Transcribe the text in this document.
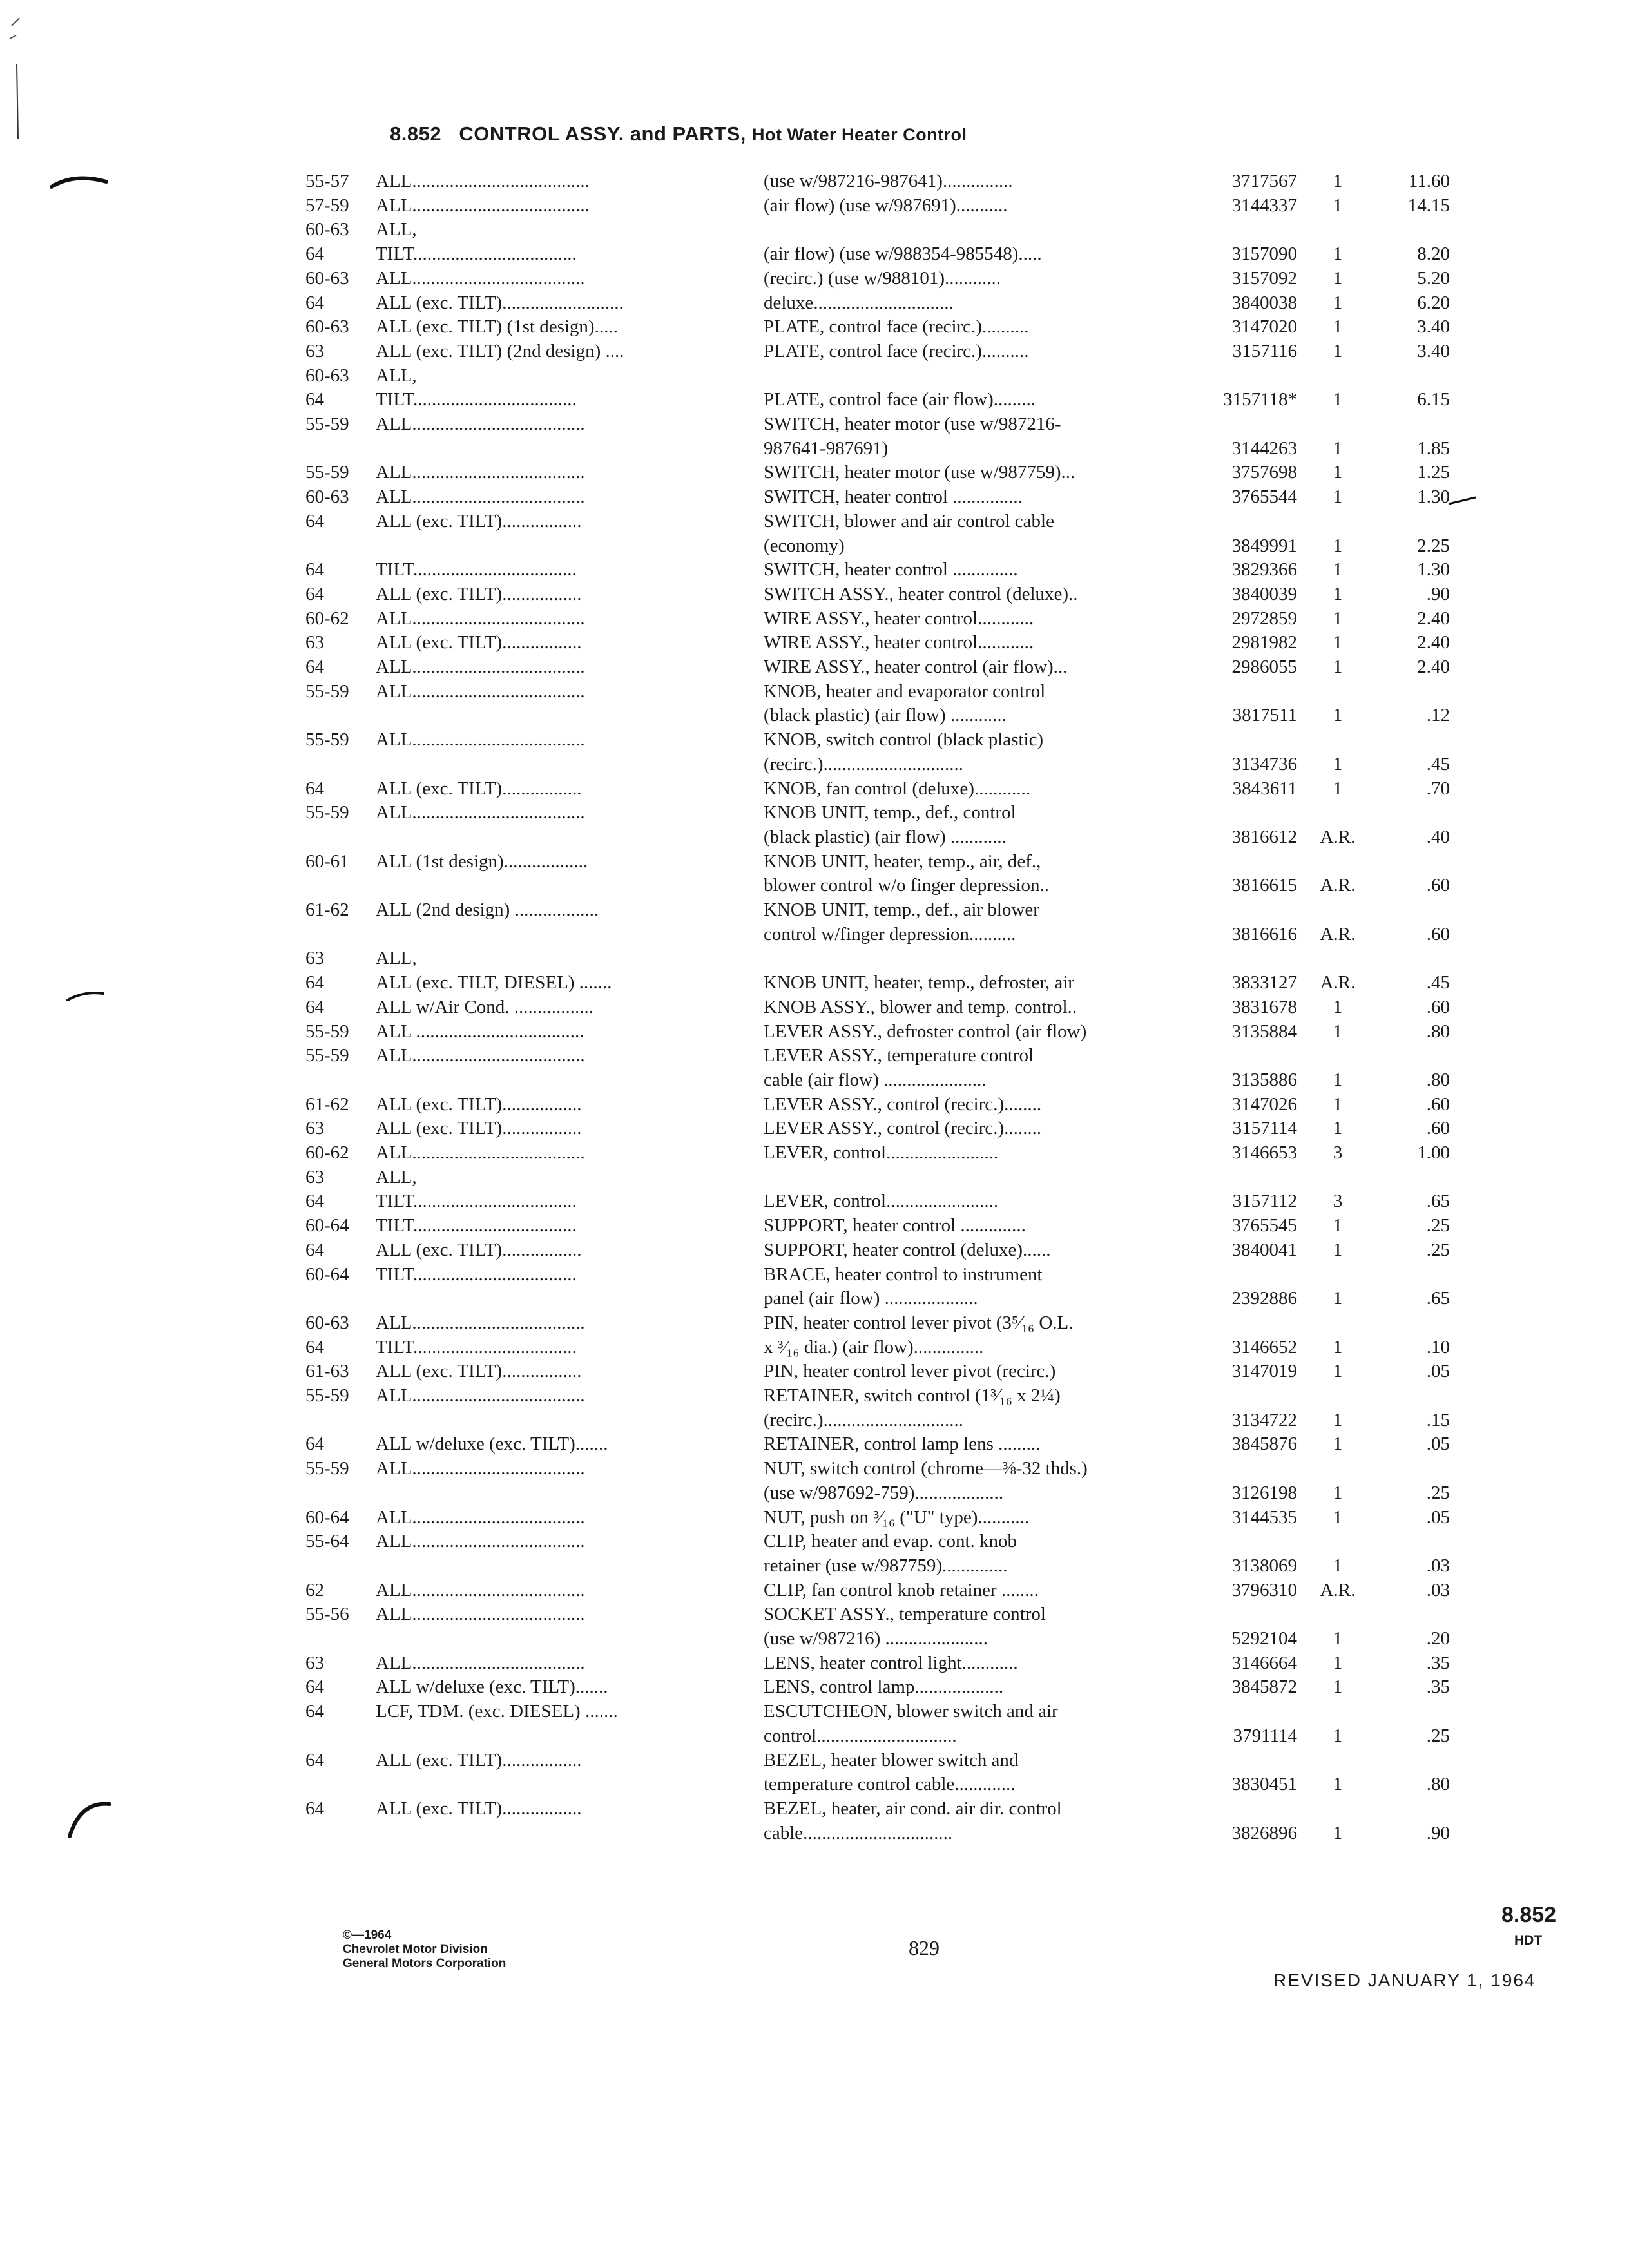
8.852 CONTROL ASSY. and PARTS, Hot Water Heater Control
55-57 ALL......................................	(use w/987216-987641)...............	3717567	1	11.60
57-59 ALL......................................	(air flow) (use w/987691)...........	3144337	1	14.15
60-63 ALL,
64	TILT...................................	(air flow) (use w/988354-985548).....	3157090	1	8.20
60-63 ALL.....................................	(recirc.) (use w/988101)............	3157092	1	5.20
64	ALL (exc. TILT)..........................	deluxe..............................	3840038	1	6.20
60-63 ALL (exc. TILT) (1st design).....	PLATE, control face (recirc.)..........	3147020	1	3.40
63	ALL (exc. TILT) (2nd design) ....	PLATE, control face (recirc.)..........	3157116	1	3.40
60-63 ALL,
64	TILT...................................	PLATE, control face (air flow).........	3157118*	1	6.15
55-59 ALL.....................................	SWITCH, heater motor (use w/987216-
987641-987691)	3144263	1	1.85
55-59 ALL.....................................	SWITCH, heater motor (use w/987759)...	3757698	1	1.25
60-63 ALL.....................................	SWITCH, heater control ...............	3765544	1	1.30
64	ALL (exc. TILT).................	SWITCH, blower and air control cable
(economy)	3849991	1	2.25
64	TILT...................................	SWITCH, heater control ..............	3829366	1	1.30
64	ALL (exc. TILT).................	SWITCH ASSY., heater control (deluxe)..	3840039	1	.90
60-62 ALL.....................................	WIRE ASSY., heater control............	2972859	1	2.40
63	ALL (exc. TILT).................	WIRE ASSY., heater control............	2981982	1	2.40
64	ALL.....................................	WIRE ASSY., heater control (air flow)...	2986055	1	2.40
55-59 ALL.....................................	KNOB, heater and evaporator control
(black plastic) (air flow) ............	3817511	1	.12
55-59 ALL.....................................	KNOB, switch control (black plastic)
(recirc.)..............................	3134736	1	.45
64	ALL (exc. TILT).................	KNOB, fan control (deluxe)............	3843611	1	.70
55-59 ALL.....................................	KNOB UNIT, temp., def., control
(black plastic) (air flow) ............	3816612	A.R.	.40
60-61 ALL (1st design)..................	KNOB UNIT, heater, temp., air, def.,
blower control w/o finger depression..	3816615	A.R.	.60
61-62 ALL (2nd design) ..................	KNOB UNIT, temp., def., air blower
control w/finger depression..........	3816616	A.R.	.60
63	ALL,
64	ALL (exc. TILT, DIESEL) .......	KNOB UNIT, heater, temp., defroster, air	3833127	A.R.	.45
64	ALL w/Air Cond. .................	KNOB ASSY., blower and temp. control..	3831678	1	.60
55-59 ALL ....................................	LEVER ASSY., defroster control (air flow)	3135884	1	.80
55-59 ALL.....................................	LEVER ASSY., temperature control
cable (air flow) ......................	3135886	1	.80
61-62 ALL (exc. TILT).................	LEVER ASSY., control (recirc.)........	3147026	1	.60
63	ALL (exc. TILT).................	LEVER ASSY., control (recirc.)........	3157114	1	.60
60-62 ALL.....................................	LEVER, control........................	3146653	3	1.00
63	ALL,
64	TILT...................................	LEVER, control........................	3157112	3	.65
60-64 TILT...................................	SUPPORT, heater control ..............	3765545	1	.25
64	ALL (exc. TILT).................	SUPPORT, heater control (deluxe)......	3840041	1	.25
60-64 TILT...................................	BRACE, heater control to instrument
panel (air flow) ....................	2392886	1	.65
60-63 ALL.....................................	PIN, heater control lever pivot (3⁵⁄₁₆ O.L.
64	TILT...................................	x ³⁄₁₆ dia.) (air flow)...............	3146652	1	.10
61-63 ALL (exc. TILT).................	PIN, heater control lever pivot (recirc.)	3147019	1	.05
55-59 ALL.....................................	RETAINER, switch control (1³⁄₁₆ x 2¼)
(recirc.)..............................	3134722	1	.15
64	ALL w/deluxe (exc. TILT).......	RETAINER, control lamp lens .........	3845876	1	.05
55-59 ALL.....................................	NUT, switch control (chrome—⅜-32 thds.)
(use w/987692-759)...................	3126198	1	.25
60-64 ALL.....................................	NUT, push on ³⁄₁₆ ("U" type)...........	3144535	1	.05
55-64 ALL.....................................	CLIP, heater and evap. cont. knob
retainer (use w/987759)..............	3138069	1	.03
62	ALL.....................................	CLIP, fan control knob retainer ........	3796310	A.R.	.03
55-56 ALL.....................................	SOCKET ASSY., temperature control
(use w/987216) ......................	5292104	1	.20
63	ALL.....................................	LENS, heater control light............	3146664	1	.35
64	ALL w/deluxe (exc. TILT).......	LENS, control lamp...................	3845872	1	.35
64	LCF, TDM. (exc. DIESEL) .......	ESCUTCHEON, blower switch and air
control..............................	3791114	1	.25
64	ALL (exc. TILT).................	BEZEL, heater blower switch and
temperature control cable.............	3830451	1	.80
64	ALL (exc. TILT).................	BEZEL, heater, air cond. air dir. control
cable................................	3826896	1	.90
©—1964
Chevrolet Motor Division
General Motors Corporation
829
8.852
HDT
REVISED JANUARY 1, 1964
